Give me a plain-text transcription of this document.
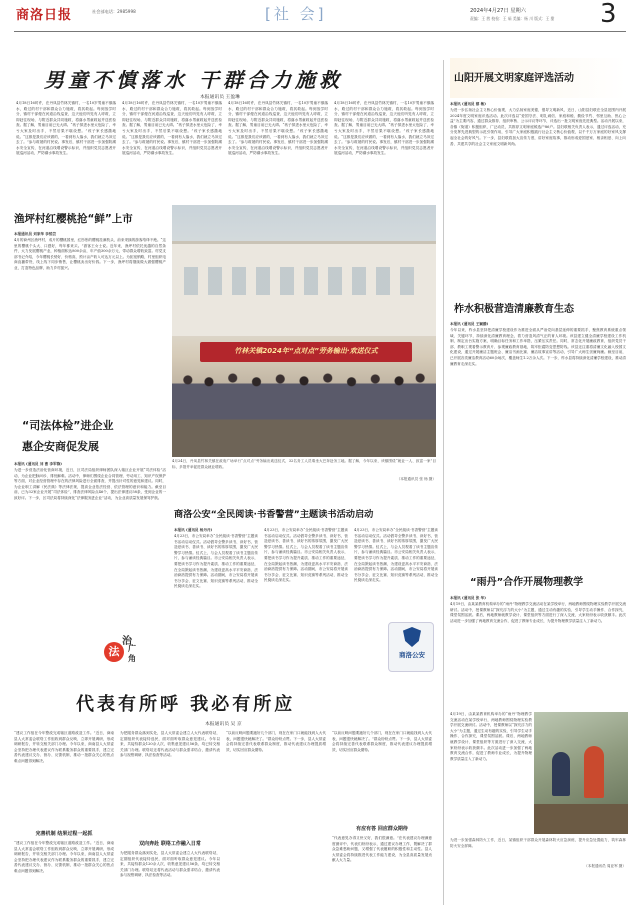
商洛日报	社会部电话：2985998	[社 会]	2024年4月27日 星期六
责编：王 茜 校检：王 茹 美编：杨 川 版式：王 甜 3
男童不慎落水 干群合力施救
本报通讯员 王盈琳
4月18日16时许，在丹凤县竹林关镇村，一名10岁男童不慎落水，路过的村干部和群众合力施救，将其救起。每到放学时分，镇村干部便在河道沿线巡查，这天他们听见有人呼救，立即赶往现场，与附近群众共同施救，将落水男童救起并送医检查。据了解，男童目前已无大碍。“孩子掉进水里太危险了，幸亏大家及时出手，不然后果不堪设想。”孩子家长感激地说。“这都是我们应该做的，一看到有人落水，我们就立马冲过去了。”参与救援的村民说。事发后，镇村干部进一步加强防溺水安全宣传，在河道沿线增设警示标识，并组织党员志愿者开展巡河活动，严防溺水事故发生。
4月18日16时许，在丹凤县竹林关镇村，一名10岁男童不慎落水，路过的村干部和群众合力施救，将其救起。每到放学时分，镇村干部便在河道沿线巡查，这天他们听见有人呼救，立即赶往现场，与附近群众共同施救，将落水男童救起并送医检查。据了解，男童目前已无大碍。“孩子掉进水里太危险了，幸亏大家及时出手，不然后果不堪设想。”孩子家长感激地说。“这都是我们应该做的，一看到有人落水，我们就立马冲过去了。”参与救援的村民说。事发后，镇村干部进一步加强防溺水安全宣传，在河道沿线增设警示标识，并组织党员志愿者开展巡河活动，严防溺水事故发生。
4月18日16时许，在丹凤县竹林关镇村，一名10岁男童不慎落水，路过的村干部和群众合力施救，将其救起。每到放学时分，镇村干部便在河道沿线巡查，这天他们听见有人呼救，立即赶往现场，与附近群众共同施救，将落水男童救起并送医检查。据了解，男童目前已无大碍。“孩子掉进水里太危险了，幸亏大家及时出手，不然后果不堪设想。”孩子家长感激地说。“这都是我们应该做的，一看到有人落水，我们就立马冲过去了。”参与救援的村民说。事发后，镇村干部进一步加强防溺水安全宣传，在河道沿线增设警示标识，并组织党员志愿者开展巡河活动，严防溺水事故发生。
4月18日16时许，在丹凤县竹林关镇村，一名10岁男童不慎落水，路过的村干部和群众合力施救，将其救起。每到放学时分，镇村干部便在河道沿线巡查，这天他们听见有人呼救，立即赶往现场，与附近群众共同施救，将落水男童救起并送医检查。据了解，男童目前已无大碍。“孩子掉进水里太危险了，幸亏大家及时出手，不然后果不堪设想。”孩子家长感激地说。“这都是我们应该做的，一看到有人落水，我们就立马冲过去了。”参与救援的村民说。事发后，镇村干部进一步加强防溺水安全宣传，在河道沿线增设警示标识，并组织党员志愿者开展巡河活动，严防溺水事故发生。
渔坪村红樱桃抢“鲜”上市
本报通讯员 刘家华 李悄芸
4月的商州区渔坪村，成片的樱桃园里，红彤彤的樱桃挂满枝头，前来采摘的游客络绎不绝。“这里的樱桃个头大、口感好，每年都来买。”游客王女士说。近年来，渔坪村依托优越的自然条件，大力发展樱桃产业，种植面积达800余亩，年产值300余万元，带动群众增收致富。村党支部书记介绍，今年樱桃长势好、价格高，预计亩产收入可达万元以上。为拓宽销路，村里组织电商直播带货，线上线下同步销售，让樱桃卖出好价钱。下一步，渔坪村将继续做大做强樱桃产业，打造特色品牌，助力乡村振兴。
“司法体检”进企业
惠企安商促发展
本报讯 (通讯员 刘 曹 李军锋)
为进一步营造法治化营商环境，近日，区司法局组织律师团队深入辖区企业开展“司法体检”活动，为企业把脉问诊、排忧解难。活动中，律师们围绕企业合同管理、劳动用工、知识产权保护等方面，对企业经营管理中存在的法律风险进行全面排查，并提出针对性的意见和建议。同时，为企业职工讲解《民法典》等法律法规，提高企业依法经营、依法管理的意识和能力。截至目前，已为32家企业开展“司法体检”，排查法律风险点46个，提出法律建议58条，受到企业的一致好评。下一步，区司法局将持续深化“法律服务进企业”活动，为企业高质量发展保驾护航。
法
治
广角
竹林关镇2024年“点对点”劳务输出·欢送仪式
4月24日，丹凤县竹林关镇在政府广场举行“点对点”劳务输出欢送仪式，32名务工人员乘坐大巴奔赴务工地。据了解，今年以来，该镇围绕“就业一人、致富一家”目标，多措并举促进群众就业增收。
（本报通讯员 张 杨 摄）
商洛公安“全民阅读·书香警营”主题读书活动启动
本报讯 (通讯员 杨丹丹)
4月23日，市公安局举办“全民阅读·书香警营”主题读书活动启动仪式。活动倡导全警多读书、读好书，营造爱读书、善读书、读好书的浓厚氛围，激发广大民警学习热情。仪式上，与会人员观看了读书主题宣传片，参与诵读经典篇目。市公安局相关负责人表示，要把读书学习作为提升素质、推动工作的重要途径，在全局掀起读书热潮，为建设更高水平平安商洛、法治商洛提供有力保障。活动期间，市公安局将开展读书分享会、征文比赛、知识竞赛等系列活动，推动全民阅读走深走实。
4月23日，市公安局举办“全民阅读·书香警营”主题读书活动启动仪式。活动倡导全警多读书、读好书，营造爱读书、善读书、读好书的浓厚氛围，激发广大民警学习热情。仪式上，与会人员观看了读书主题宣传片，参与诵读经典篇目。市公安局相关负责人表示，要把读书学习作为提升素质、推动工作的重要途径，在全局掀起读书热潮，为建设更高水平平安商洛、法治商洛提供有力保障。活动期间，市公安局将开展读书分享会、征文比赛、知识竞赛等系列活动，推动全民阅读走深走实。
4月23日，市公安局举办“全民阅读·书香警营”主题读书活动启动仪式。活动倡导全警多读书、读好书，营造爱读书、善读书、读好书的浓厚氛围，激发广大民警学习热情。仪式上，与会人员观看了读书主题宣传片，参与诵读经典篇目。市公安局相关负责人表示，要把读书学习作为提升素质、推动工作的重要途径，在全局掀起读书热潮，为建设更高水平平安商洛、法治商洛提供有力保障。活动期间，市公安局将开展读书分享会、征文比赛、知识竞赛等系列活动，推动全民阅读走深走实。
商洛公安
代表有所呼 我必有所应
本报通讯员 吴 京
“建议工作组在今年整改完成辖区道路改造工作。”近日，商南县人大常委会联络工作组收到群众反映，立即开展调研，形成调研报告，并转交相关部门办理。今年以来，商南县人大常委会坚持把办理代表建议作为联系服务群众的重要抓手，建立完善代表建议交办、督办、反馈机制，推动一批群众关心的热点难点问题得到解决。
完善机制 结果过程一起抓
“建议工作组在今年整改完成辖区道路改造工作。”近日，商南县人大常委会联络工作组收到群众反映，立即开展调研，形成调研报告，并转交相关部门办理。今年以来，商南县人大常委会坚持把办理代表建议作为联系服务群众的重要抓手，建立完善代表建议交办、督办、反馈机制，推动一批群众关心的热点难点问题得到解决。
为把服务群众落到实处，县人大常委会建立人大代表联络站，定期组织代表接待选民，面对面听取群众意见建议。今年以来，共接待群众120余人次，收集意见建议56条，均已转交相关部门办理。联络站还将代表活动与群众需求结合，邀请代表参与视察调研、执法检查等活动。
双向奔赴 联络工作融入日常
为把服务群众落到实处，县人大常委会建立人大代表联络站，定期组织代表接待选民，面对面听取群众意见建议。今年以来，共接待群众120余人次，收集意见建议56条，均已转交相关部门办理。联络站还将代表活动与群众需求结合，邀请代表参与视察调研、执法检查等活动。
“以前反映问题要跑好几个部门，现在在家门口就能找到人大代表，问题很快就解决了。”群众纷纷点赞。下一步，县人大常委会将持续完善代表联系群众制度，推动代表建议办理提质增效，切实回应群众期待。
“以前反映问题要跑好几个部门，现在在家门口就能找到人大代表，问题很快就解决了。”群众纷纷点赞。下一步，县人大常委会将持续完善代表联系群众制度，推动代表建议办理提质增效，切实回应群众期待。
有应有答 回应群众期待
“代表意见办得又快又好，我们很满意。”在代表建议办理满意度测评中，代表们纷纷表示，通过建议办理工作，既解决了群众急难愁盼问题，又增强了代表履职的积极性和主动性。县人大常委会将持续推进代表工作能力建设，为全县高质量发展贡献人大力量。
山阳开展文明家庭评选活动
本报讯 (通讯员 蔡 敏)
为进一步弘扬社会主义核心价值观，大力弘扬家庭美德，倡导文明新风，近日，山阳县妇联在全县范围内开展2024年度文明家庭评选活动。此次评选以“爱国守法、明礼诚信、家庭和睦、勤俭节约、邻里互助、热心公益”为主要内容，通过群众推荐、组织审核、公示评议等环节，评选出一批文明家庭先进典型。活动开展以来，各镇（街道）积极组织、广泛动员，共推荐文明家庭候选户86户。县妇联相关负责人表示，通过评选活动，充分发挥先进典型的示范引领作用，引导广大家庭积极践行社会主义核心价值观，以千千万万家庭的好家风支撑起全社会的好风气。下一步，县妇联将加大宣传力度，讲好家庭故事，推动形成爱国爱家、相亲相爱、向上向善、共建共享的社会主义家庭文明新风尚。
柞水积极营造清廉教育生态
本报讯 (通讯员 王颖静)
今年以来，柞水县坚持把清廉学校建设作为推进全面从严治党向基层延伸的重要抓手，聚焦教育系统重点领域、关键环节，持续深化清廉教育理念，着力营造风清气正的育人环境。该县建立健全清廉学校建设工作机制，制定出台实施方案，明确目标任务和工作举措，压紧压实责任。同时，常态化开展廉政教育，组织党员干部、教职工观看警示教育片、参观廉政教育基地，筑牢拒腐防变思想防线。该县还注重将清廉文化融入校园文化建设，通过开展廉洁主题班会、廉洁书画比赛、廉洁故事宣讲等活动，引导广大师生崇廉尚廉。截至目前，已开展各类廉洁教育活动60余场次，覆盖师生1.2万余人次。下一步，柞水县将持续深化清廉学校建设，推动清廉教育走深走实。
“雨丹”合作开展物理教学
本报讯 (通讯员 张 华)
4月19日，由某某教育机构举办的“雨丹”物理教学交流活动在某学校举行，两地教师围绕物理实验教学开展交流研讨。活动中，授课教师以“探究浮力的大小”为主题，通过生动有趣的实验，引导学生动手操作、合作探究，课堂氛围活跃。课后，两地教师就教学设计、课堂组织等方面进行了深入交流，大家纷纷表示收获颇丰。此次活动进一步加强了两地教育交流合作，促进了教师专业成长，为提升物理教学质量注入了新动力。
4月19日，由某某教育机构举办的“雨丹”物理教学交流活动在某学校举行，两地教师围绕物理实验教学开展交流研讨。活动中，授课教师以“探究浮力的大小”为主题，通过生动有趣的实验，引导学生动手操作、合作探究，课堂氛围活跃。课后，两地教师就教学设计、课堂组织等方面进行了深入交流，大家纷纷表示收获颇丰。此次活动进一步加强了两地教育交流合作，促进了教师专业成长，为提升物理教学质量注入了新动力。
为进一步加强森林防火工作，近日，某镇组织干部群众开展森林防火应急演练，提升应急处置能力，筑牢森林防火安全屏障。
（本报通讯员 周亚军 摄）
